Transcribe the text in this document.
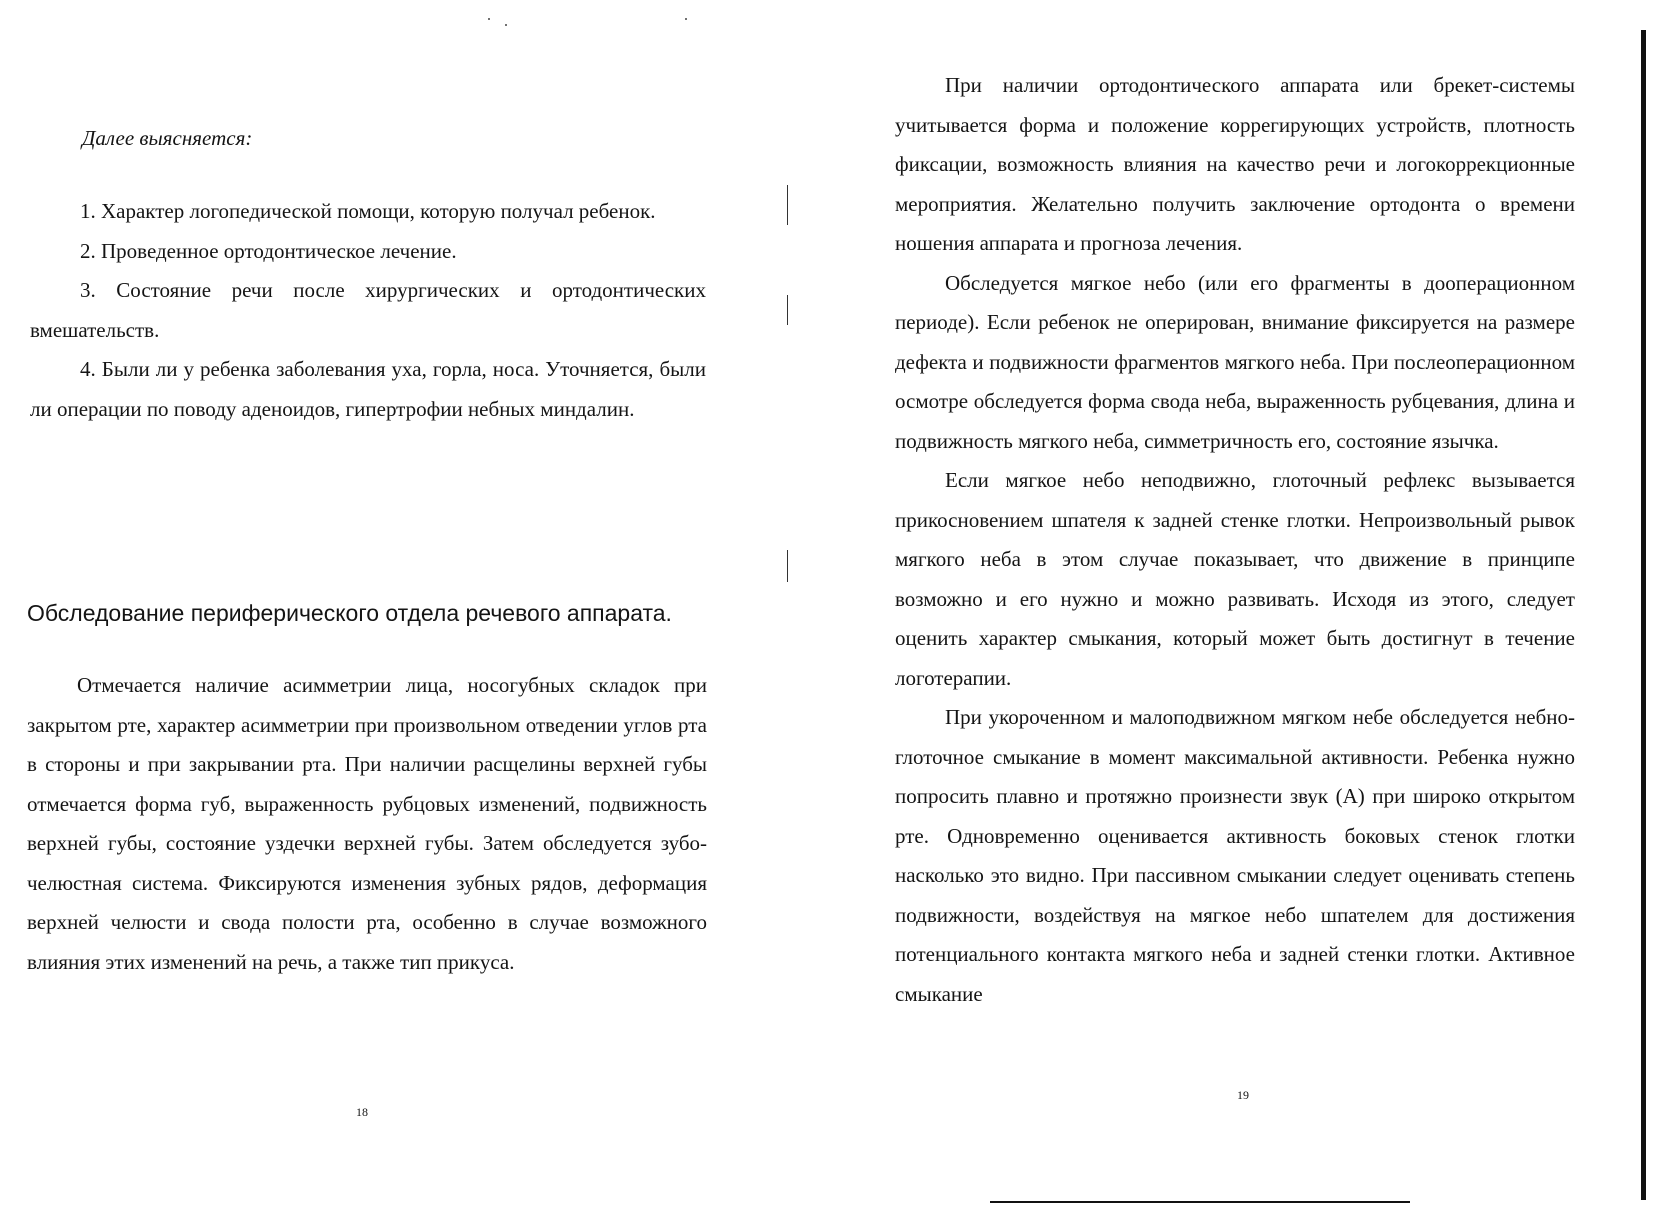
Далее выясняется:

1. Характер логопедической помощи, которую получал ребенок.

2. Проведенное ортодонтическое лечение.

3. Состояние речи после хирургических и ортодонтических вмешательств.

4. Были ли у ребенка заболевания уха, горла, носа. Уточняется, были ли операции по поводу аденоидов, гипертрофии небных миндалин.

Обследование периферического отдела речевого аппарата.

Отмечается наличие асимметрии лица, носогубных складок при закрытом рте, характер асимметрии при произвольном отведении углов рта в стороны и при закрывании рта. При наличии расщелины верхней губы отмечается форма губ, выраженность рубцовых изменений, подвижность верхней губы, состояние уздечки верхней губы. Затем обследуется зубо-челюстная система. Фиксируются изменения зубных рядов, деформация верхней челюсти и свода полости рта, особенно в случае возможного влияния этих изменений на речь, а также тип прикуса.

18

При наличии ортодонтического аппарата или брекет-системы учитывается форма и положение коррегирующих устройств, плотность фиксации, возможность влияния на качество речи и логокоррекционные мероприятия. Желательно получить заключение ортодонта о времени ношения аппарата и прогноза лечения.

Обследуется мягкое небо (или его фрагменты в дооперационном периоде). Если ребенок не оперирован, внимание фиксируется на размере дефекта и подвижности фрагментов мягкого неба. При послеоперационном осмотре обследуется форма свода неба, выраженность рубцевания, длина и подвижность мягкого неба, симметричность его, состояние язычка.

Если мягкое небо неподвижно, глоточный рефлекс вызывается прикосновением шпателя к задней стенке глотки. Непроизвольный рывок мягкого неба в этом случае показывает, что движение в принципе возможно и его нужно и можно развивать. Исходя из этого, следует оценить характер смыкания, который может быть достигнут в течение логотерапии.

При укороченном и малоподвижном мягком небе обследуется небно-глоточное смыкание в момент максимальной активности. Ребенка нужно попросить плавно и протяжно произнести звук (А) при широко открытом рте. Одновременно оценивается активность боковых стенок глотки насколько это видно. При пассивном смыкании следует оценивать степень подвижности, воздействуя на мягкое небо шпателем для достижения потенциального контакта мягкого неба и задней стенки глотки. Активное смыкание

19
